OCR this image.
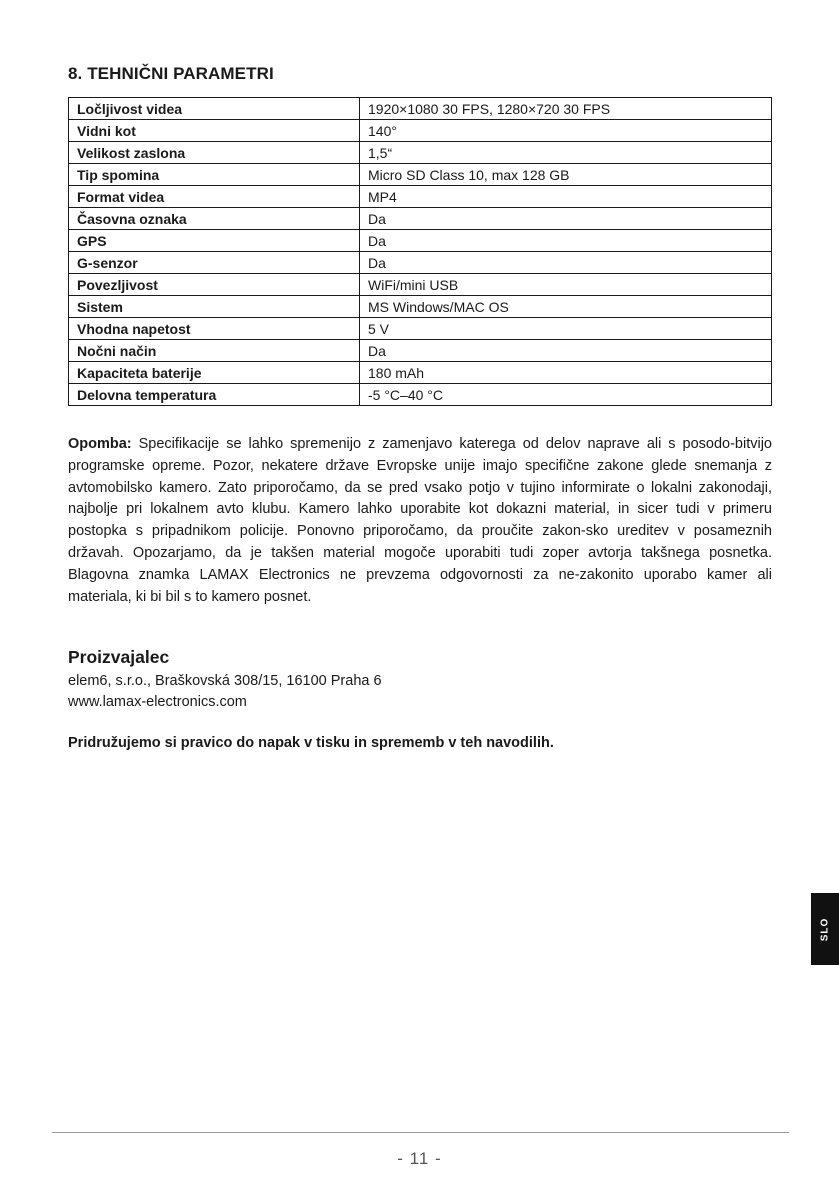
8. TEHNIČNI PARAMETRI
Ločljivost videa	1920×1080 30 FPS, 1280×720 30 FPS
Vidni kot	140°
Velikost zaslona	1,5“
Tip spomina	Micro SD Class 10, max 128 GB
Format videa	MP4
Časovna oznaka	Da
GPS	Da
G-senzor	Da
Povezljivost	WiFi/mini USB
Sistem	MS Windows/MAC OS
Vhodna napetost	5 V
Nočni način	Da
Kapaciteta baterije	180 mAh
Delovna temperatura	-5 °C–40 °C

Opomba: Specifikacije se lahko spremenijo z zamenjavo katerega od delov naprave ali s posodo-bitvijo programske opreme. Pozor, nekatere države Evropske unije imajo specifične zakone glede snemanja z avtomobilsko kamero. Zato priporočamo, da se pred vsako potjo v tujino informirate o lokalni zakonodaji, najbolje pri lokalnem avto klubu. Kamero lahko uporabite kot dokazni material, in sicer tudi v primeru postopka s pripadnikom policije. Ponovno priporočamo, da proučite zakon-sko ureditev v posameznih državah. Opozarjamo, da je takšen material mogoče uporabiti tudi zoper avtorja takšnega posnetka. Blagovna znamka LAMAX Electronics ne prevzema odgovornosti za ne-zakonito uporabo kamer ali materiala, ki bi bil s to kamero posnet.

Proizvajalec

elem6, s.r.o., Braškovská 308/15, 16100 Praha 6

www.lamax-electronics.com

Pridružujemo si pravico do napak v tisku in sprememb v teh navodilih.

SLO

- 11 -
